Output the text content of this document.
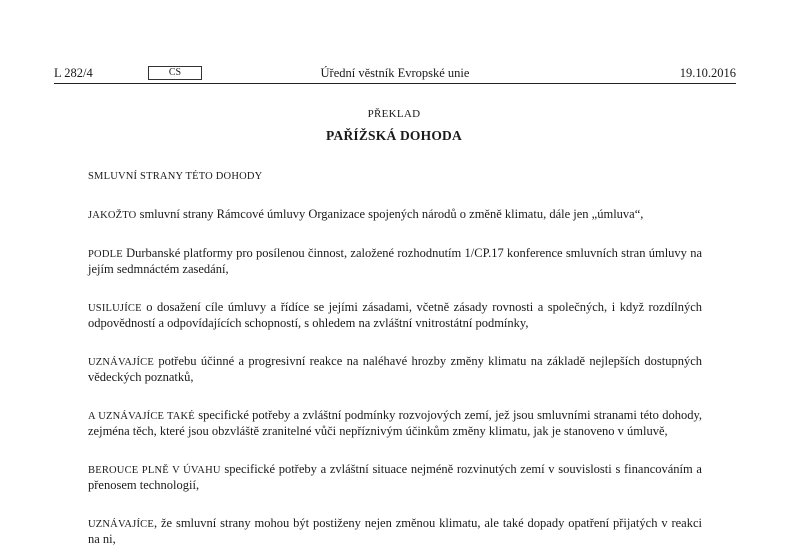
L 282/4	CS	Úřední věstník Evropské unie	19.10.2016
PŘEKLAD
PAŘÍŽSKÁ DOHODA

SMLUVNÍ STRANY TÉTO DOHODY

JAKOŽTO smluvní strany Rámcové úmluvy Organizace spojených národů o změně klimatu, dále jen „úmluva“,

PODLE Durbanské platformy pro posílenou činnost, založené rozhodnutím 1/CP.17 konference smluvních stran úmluvy na jejím sedmnáctém zasedání,

USILUJÍCE o dosažení cíle úmluvy a řídíce se jejími zásadami, včetně zásady rovnosti a společných, i když rozdílných odpovědností a odpovídajících schopností, s ohledem na zvláštní vnitrostátní podmínky,

UZNÁVAJÍCE potřebu účinné a progresivní reakce na naléhavé hrozby změny klimatu na základě nejlepších dostupných vědeckých poznatků,

A UZNÁVAJÍCE TAKÉ specifické potřeby a zvláštní podmínky rozvojových zemí, jež jsou smluvními stranami této dohody, zejména těch, které jsou obzvláště zranitelné vůči nepříznivým účinkům změny klimatu, jak je stanoveno v úmluvě,

BEROUCE PLNĚ V ÚVAHU specifické potřeby a zvláštní situace nejméně rozvinutých zemí v souvislosti s financováním a přenosem technologií,

UZNÁVAJÍCE, že smluvní strany mohou být postiženy nejen změnou klimatu, ale také dopady opatření přijatých v reakci na ni,
